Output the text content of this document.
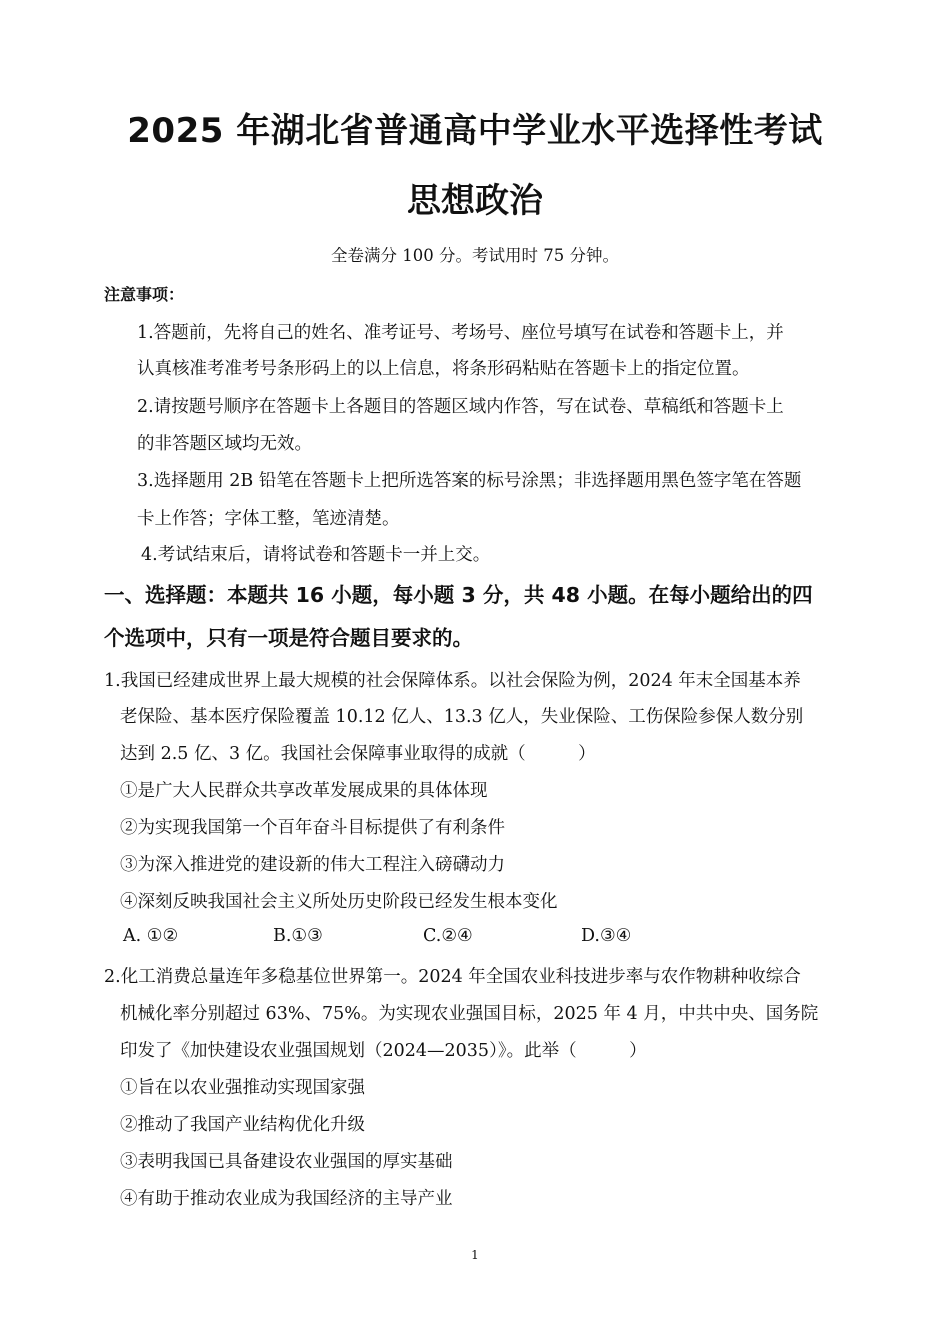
2025 年湖北省普通高中学业水平选择性考试
思想政治
全卷满分 100 分。考试用时 75 分钟。
注意事项：
1.答题前，先将自己的姓名、准考证号、考场号、座位号填写在试卷和答题卡上，并
认真核准考准考号条形码上的以上信息，将条形码粘贴在答题卡上的指定位置。
2.请按题号顺序在答题卡上各题目的答题区域内作答，写在试卷、草稿纸和答题卡上
的非答题区域均无效。
3.选择题用 2B 铅笔在答题卡上把所选答案的标号涂黑；非选择题用黑色签字笔在答题
卡上作答；字体工整，笔迹清楚。
4.考试结束后，请将试卷和答题卡一并上交。
一、选择题：本题共 16 小题，每小题 3 分，共 48 小题。在每小题给出的四
个选项中，只有一项是符合题目要求的。
1.我国已经建成世界上最大规模的社会保障体系。以社会保险为例，2024 年末全国基本养
老保险、基本医疗保险覆盖 10.12 亿人、13.3 亿人，失业保险、工伤保险参保人数分别
达到 2.5 亿、3 亿。我国社会保障事业取得的成就（　　　）
①是广大人民群众共享改革发展成果的具体体现
②为实现我国第一个百年奋斗目标提供了有利条件
③为深入推进党的建设新的伟大工程注入磅礴动力
④深刻反映我国社会主义所处历史阶段已经发生根本变化
A. ①②	B.①③	C.②④	D.③④
2.化工消费总量连年多稳基位世界第一。2024 年全国农业科技进步率与农作物耕种收综合
机械化率分别超过 63%、75%。为实现农业强国目标，2025 年 4 月，中共中央、国务院
印发了《加快建设农业强国规划（2024—2035）》。此举（　　　）
①旨在以农业强推动实现国家强
②推动了我国产业结构优化升级
③表明我国已具备建设农业强国的厚实基础
④有助于推动农业成为我国经济的主导产业
1
